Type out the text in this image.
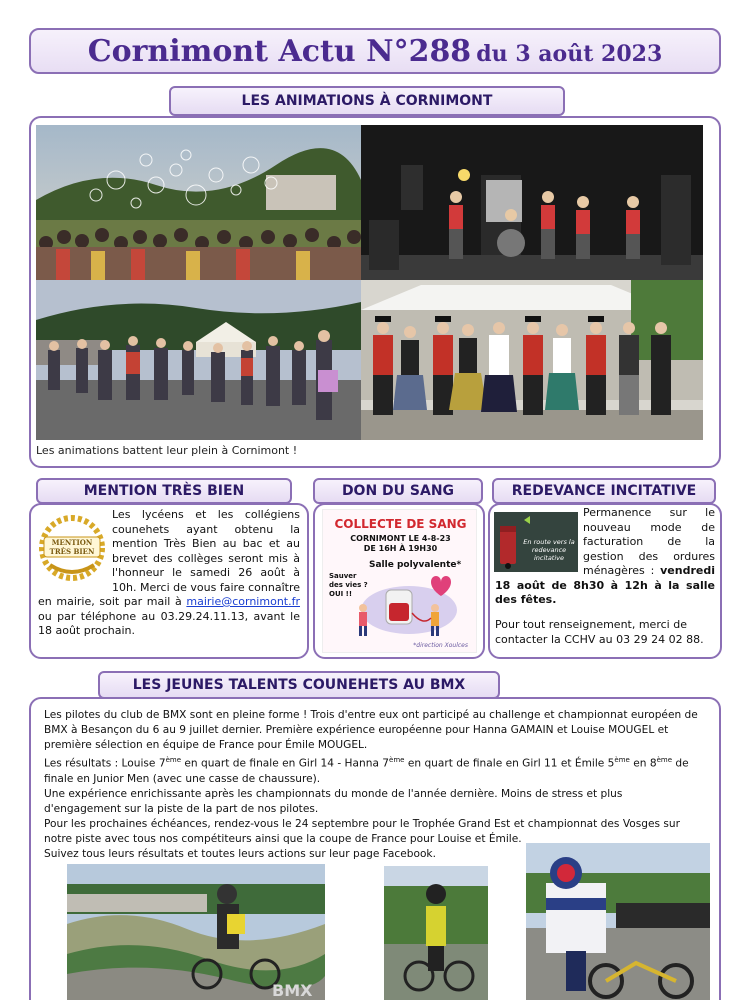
Cornimont Actu N°288 du 3 août 2023
LES ANIMATIONS À CORNIMONT
Les animations battent leur plein à Cornimont !
MENTION TRÈS BIEN
MENTION
TRÈS BIEN
Les lycéens et les collégiens counehets ayant obtenu la mention Très Bien au bac et au brevet des collèges seront mis à l'honneur le samedi 26 août à 10h. Merci de vous faire connaître en mairie, soit par mail à mairie@cornimont.fr ou par téléphone au 03.29.24.11.13, avant le 18 août prochain.
DON DU SANG
COLLECTE DE SANG
CORNIMONT LE 4-8-23
DE 16H À 19H30
Salle polyvalente*
Sauver des vies ? OUI !!
*direction Xoulces
REDEVANCE INCITATIVE
En route vers la redevance incitative
Permanence sur le nouveau mode de facturation de la gestion des ordures ménagères : vendredi 18 août de 8h30 à 12h à la salle des fêtes.
Pour tout renseignement, merci de contacter la CCHV au 03 29 24 02 88.
LES JEUNES TALENTS COUNEHETS AU BMX

Les pilotes du club de BMX sont en pleine forme ! Trois d'entre eux ont participé au challenge et championnat européen de BMX à Besançon du 6 au 9 juillet dernier. Première expérience européenne pour Hanna GAMAIN et Louise MOUGEL et première sélection en équipe de France pour Émile MOUGEL.

Les résultats : Louise 7ème en quart de finale en Girl 14 - Hanna 7ème en quart de finale en Girl 11 et Émile 5ème en 8ème de finale en Junior Men (avec une casse de chaussure).

Une expérience enrichissante après les championnats du monde de l'année dernière. Moins de stress et plus d'engagement sur la piste de la part de nos pilotes.

Pour les prochaines échéances, rendez-vous le 24 septembre pour le Trophée Grand Est et championnat des Vosges sur notre piste avec tous nos compétiteurs ainsi que la coupe de France pour Louise et Émile.

Suivez tous leurs résultats et toutes leurs actions sur leur page Facebook.

BMX
